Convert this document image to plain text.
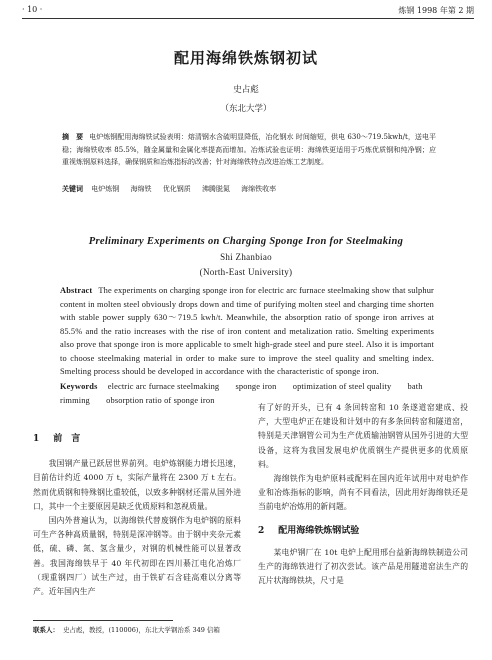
· 10 ·	炼钢 1998 年第 2 期
配用海绵铁炼钢初试
史占彪
（东北大学）
摘　要 电炉炼钢配用海绵铁试验表明：熔清钢水含硫明显降低，冶化钢水 时间缩短，供电 630～719.5kwh/t，送电平稳；海绵铁收率 85.5%，随金属量和金属化率提高而增加。冶炼试验也证明：海绵铁更适用于巧炼优质钢和纯净钢；应重视炼钢原料选择，确保钢质和冶炼指标的改善；针对海绵铁特点改进冶炼工艺制度。
关键词 电炉炼钢 海绵铁 优化钢质 沸腾脱氮 海绵铁收率
Preliminary Experiments on Charging Sponge Iron for Steelmaking
Shi Zhanbiao
(North-East University)
Abstract The experiments on charging sponge iron for electric arc furnace steelmaking show that sulphur content in molten steel obviously drops down and time of purifying molten steel and charging time shorten with stable power supply 630～719.5 kwh/t. Meanwhile, the absorption ratio of sponge iron arrives at 85.5% and the ratio increases with the rise of iron content and metalization ratio. Smelting experiments also prove that sponge iron is more applicable to smelt high-grade steel and pure steel. Also it is important to choose steelmaking material in order to make sure to improve the steel quality and smelting index. Smelting process should be developed in accordance with the characteristic of sponge iron.
Keywords electric arc furnace steelmaking sponge iron optimization of steel quality bath rimming obsorption ratio of sponge iron
1 前　言

我国钢产量已跃居世界前列。电炉炼钢能力增长迅速，目前估计约近 4000 万 t，实际产量将在 2300 万 t 左右。然而优质钢和特殊钢比重较低，以致多种钢材还需从国外进口，其中一个主要原因是缺乏优质原料和忽视质量。

国内外普遍认为，以海绵铁代替废钢作为电炉钢的原料可生产各种高质量钢，特别是深冲钢等。由于钢中夹杂元素低，硫、磷、氮、氢含量少，对钢的机械性能可以显著改善。我国海绵铁早于 40 年代初即在四川綦江电化冶炼厂（现重钢四厂）试生产过，由于铁矿石含硅高难以分离等产。近年国内生产

有了好的开头，已有 4 条回转窑和 10 条遂道窑建成、投产，大型电炉正在建设和计划中的有多条回转窑和隧道窑，特别是天津钢管公司为生产优质输油钢管从国外引进的大型设备，这将为我国发展电炉优质钢生产提供更多的优质原料。

海绵铁作为电炉原料或配料在国内近年试用中对电炉作业和冶炼指标的影响，尚有不同看法，因此用好海绵铁还是当前电炉冶炼用的新问题。

2 配用海绵铁炼钢试验

某电炉钢厂在 10t 电炉上配用邢台益新海绵铁制造公司生产的海绵铁进行了初次尝试。该产品是用隧道窑法生产的瓦片状海绵铁块，尺寸是

联系人： 史占彪，教授，(110006)，东北大学钢治系 349 信箱
